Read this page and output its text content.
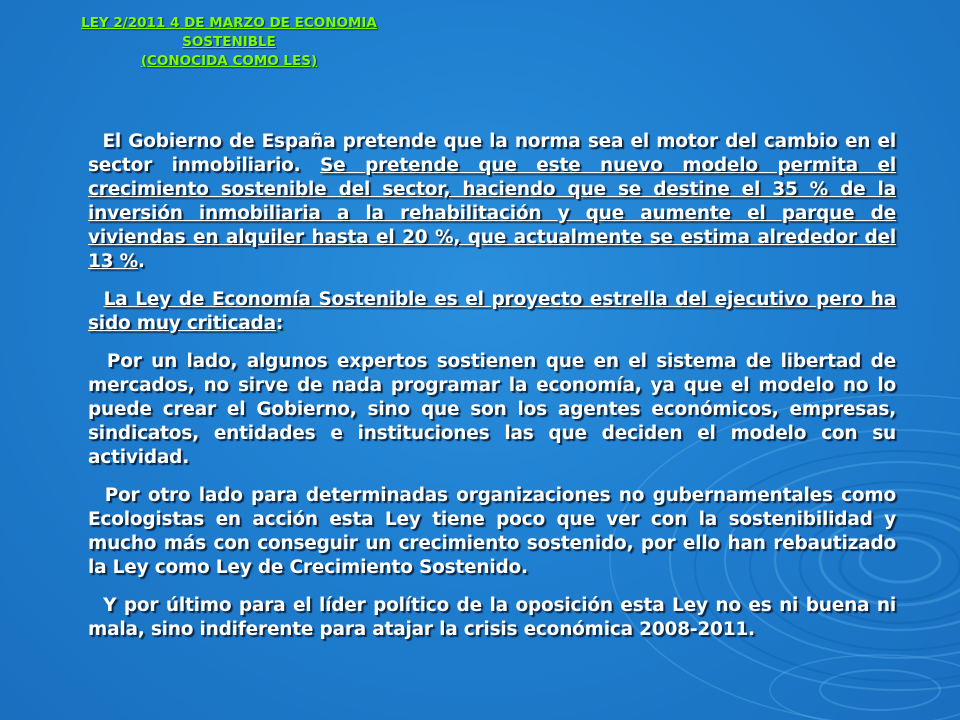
LEY 2/2011 4 DE MARZO DE ECONOMIA
SOSTENIBLE
(CONOCIDA COMO LES)

El Gobierno de España pretende que la norma sea el motor del cambio en el sector inmobiliario. Se pretende que este nuevo modelo permita el crecimiento sostenible del sector, haciendo que se destine el 35 % de la inversión inmobiliaria a la rehabilitación y que aumente el parque de viviendas en alquiler hasta el 20 %, que actualmente se estima alrededor del 13 %.

La Ley de Economía Sostenible es el proyecto estrella del ejecutivo pero ha sido muy criticada:

Por un lado, algunos expertos sostienen que en el sistema de libertad de mercados, no sirve de nada programar la economía, ya que el modelo no lo puede crear el Gobierno, sino que son los agentes económicos, empresas, sindicatos, entidades e instituciones las que deciden el modelo con su actividad.

Por otro lado para determinadas organizaciones no gubernamentales como Ecologistas en acción esta Ley tiene poco que ver con la sostenibilidad y mucho más con conseguir un crecimiento sostenido, por ello han rebautizado la Ley como Ley de Crecimiento Sostenido.

Y por último para el líder político de la oposición esta Ley no es ni buena ni mala, sino indiferente para atajar la crisis económica 2008-2011.
